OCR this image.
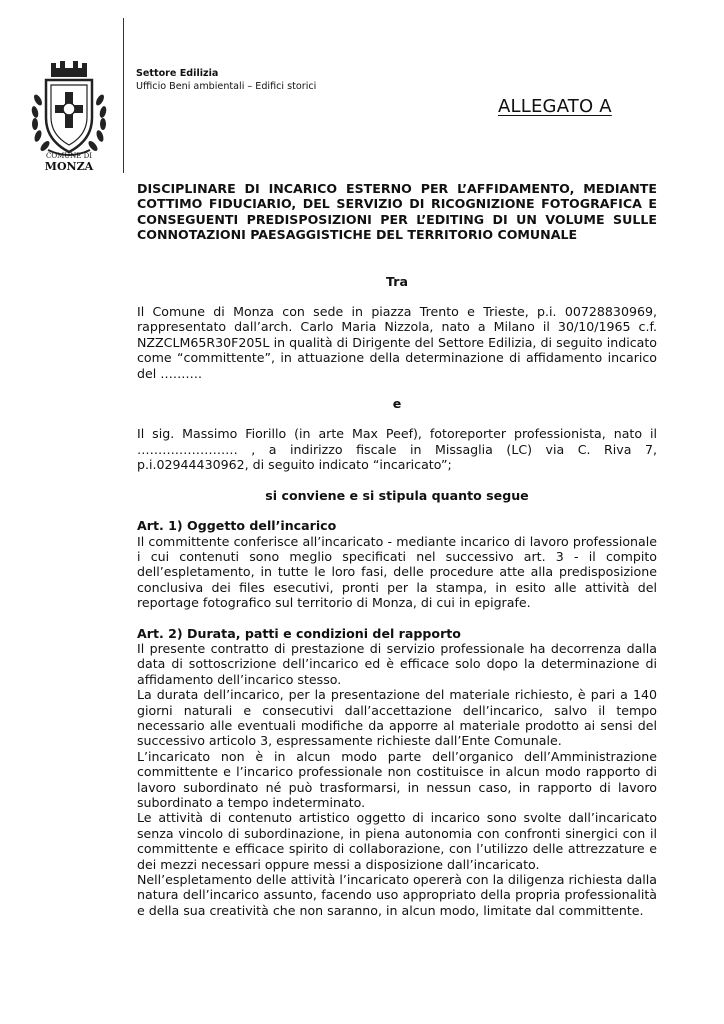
COMUNE DI
MONZA
Settore Edilizia
Ufficio Beni ambientali – Edifici storici
ALLEGATO A

DISCIPLINARE DI INCARICO ESTERNO PER L’AFFIDAMENTO, MEDIANTE COTTIMO FIDUCIARIO, DEL SERVIZIO DI RICOGNIZIONE FOTOGRAFICA E CONSEGUENTI PREDISPOSIZIONI PER L’EDITING DI UN VOLUME SULLE CONNOTAZIONI PAESAGGISTICHE DEL TERRITORIO COMUNALE

Tra

Il Comune di Monza con sede in piazza Trento e Trieste, p.i. 00728830969, rappresentato dall’arch. Carlo Maria Nizzola, nato a Milano il 30/10/1965 c.f. NZZCLM65R30F205L in qualità di Dirigente del Settore Edilizia, di seguito indicato come “committente”, in attuazione della determinazione di affidamento incarico del ……….

e

Il sig. Massimo Fiorillo (in arte Max Peef), fotoreporter professionista, nato il …………………… , a indirizzo fiscale in Missaglia (LC) via C. Riva 7, p.i.02944430962, di seguito indicato “incaricato”;

si conviene e si stipula quanto segue

Art. 1) Oggetto dell’incarico

Il committente conferisce all’incaricato - mediante incarico di lavoro professionale i cui contenuti sono meglio specificati nel successivo art. 3 - il compito dell’espletamento, in tutte le loro fasi, delle procedure atte alla predisposizione conclusiva dei files esecutivi, pronti per la stampa, in esito alle attività del reportage fotografico sul territorio di Monza, di cui in epigrafe.

Art. 2) Durata, patti e condizioni del rapporto

Il presente contratto di prestazione di servizio professionale ha decorrenza dalla data di sottoscrizione dell’incarico ed è efficace solo dopo la determinazione di affidamento dell’incarico stesso.

La durata dell’incarico, per la presentazione del materiale richiesto, è pari a 140 giorni naturali e consecutivi dall’accettazione dell’incarico, salvo il tempo necessario alle eventuali modifiche da apporre al materiale prodotto ai sensi del successivo articolo 3, espressamente richieste dall’Ente Comunale.

L’incaricato non è in alcun modo parte dell’organico dell’Amministrazione committente e l’incarico professionale non costituisce in alcun modo rapporto di lavoro subordinato né può trasformarsi, in nessun caso, in rapporto di lavoro subordinato a tempo indeterminato.

Le attività di contenuto artistico oggetto di incarico sono svolte dall’incaricato senza vincolo di subordinazione, in piena autonomia con confronti sinergici con il committente e efficace spirito di collaborazione, con l’utilizzo delle attrezzature e dei mezzi necessari oppure messi a disposizione dall’incaricato.

Nell’espletamento delle attività l’incaricato opererà con la diligenza richiesta dalla natura dell’incarico assunto, facendo uso appropriato della propria professionalità e della sua creatività che non saranno, in alcun modo, limitate dal committente.
